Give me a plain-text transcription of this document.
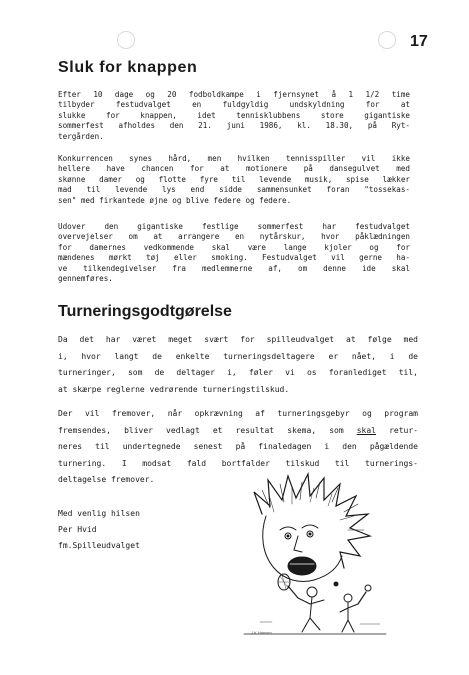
17
Sluk for knappen
Efter 10 dage og 20 fodboldkampe i fjernsynet å 1 1/2 time
tilbyder festudvalget en fuldgyldig undskyldning for at
slukke for knappen, idet tennisklubbens store gigantiske
sommerfest afholdes den 21. juni 1986, kl. 18.30, på Ryt-
tergården.
Konkurrencen synes hård, men hvilken tennisspiller vil ikke
hellere have chancen for at motionere på dansegulvet med
skønne damer og flotte fyre til levende musik, spise lækker
mad til levende lys end sidde sammensunket foran "tossekas-
sen" med firkantede øjne og blive federe og federe.
Udover den gigantiske festlige sommerfest har festudvalget
overvejelser om at arrangere en nytårskur, hvor påklædningen
for damernes vedkommende skal være lange kjoler og for
mændenes mørkt tøj eller smoking. Festudvalget vil gerne ha-
ve tilkendegivelser fra medlemmerne af, om denne ide skal
gennemføres.
Turneringsgodtgørelse
Da det har været meget svært for spilleudvalget at følge med
i, hvor langt de enkelte turneringsdeltagere er nået, i de
turneringer, som de deltager i, føler vi os foranlediget til,
at skærpe reglerne vedrørende turneringstilskud.
Der vil fremover, når opkrævning af turneringsgebyr og program
fremsendes, bliver vedlagt et resultat skema, som skal retur-
neres til undertegnede senest på finaledagen i den pågældende
turnering. I modsat fald bortfalder tilskud til turnerings-
deltagelse fremover.
Med venlig hilsen
Per Hvid
fm.Spilleudvalget
J.K.Hansen
